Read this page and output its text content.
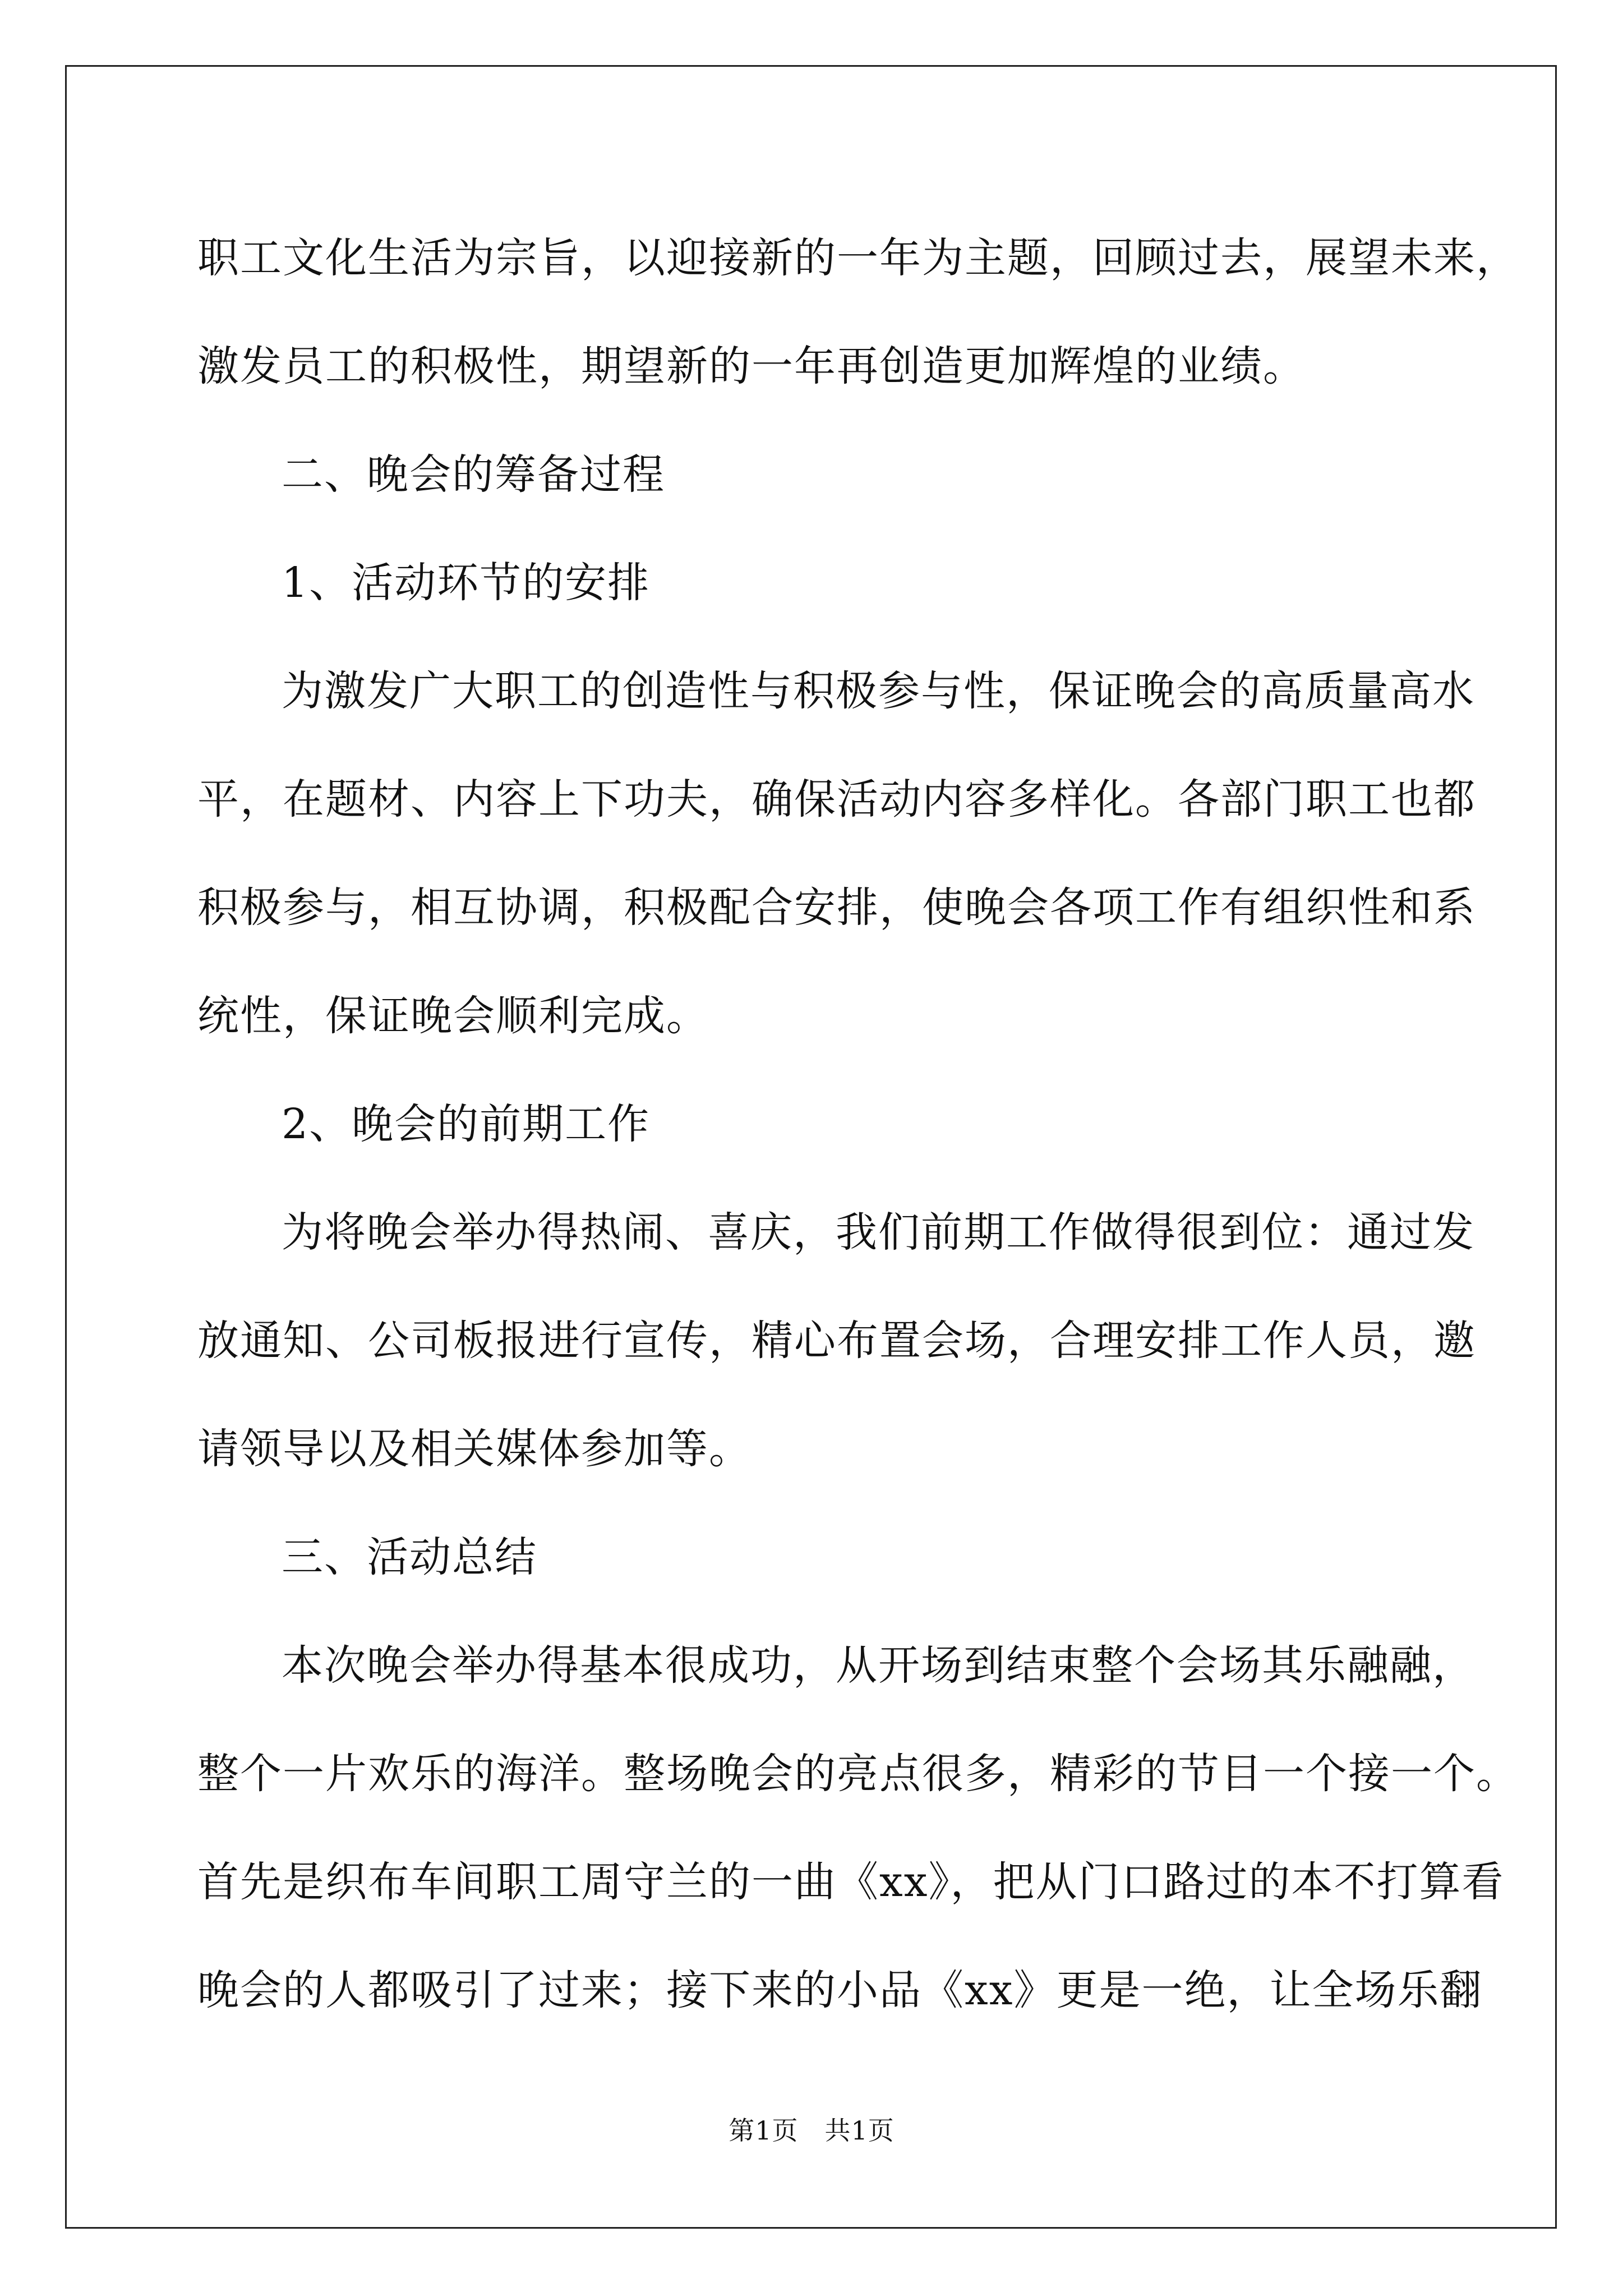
职工文化生活为宗旨，以迎接新的一年为主题，回顾过去，展望未来，
激发员工的积极性，期望新的一年再创造更加辉煌的业绩。
二、晚会的筹备过程
1、活动环节的安排
为激发广大职工的创造性与积极参与性，保证晚会的高质量高水
平，在题材、内容上下功夫，确保活动内容多样化。各部门职工也都
积极参与，相互协调，积极配合安排，使晚会各项工作有组织性和系
统性，保证晚会顺利完成。
2、晚会的前期工作
为将晚会举办得热闹、喜庆，我们前期工作做得很到位：通过发
放通知、公司板报进行宣传，精心布置会场，合理安排工作人员，邀
请领导以及相关媒体参加等。
三、活动总结
本次晚会举办得基本很成功，从开场到结束整个会场其乐融融，
整个一片欢乐的海洋。整场晚会的亮点很多，精彩的节目一个接一个。
首先是织布车间职工周守兰的一曲《xx》，把从门口路过的本不打算看
晚会的人都吸引了过来；接下来的小品《xx》更是一绝，让全场乐翻
第1页　共1页
